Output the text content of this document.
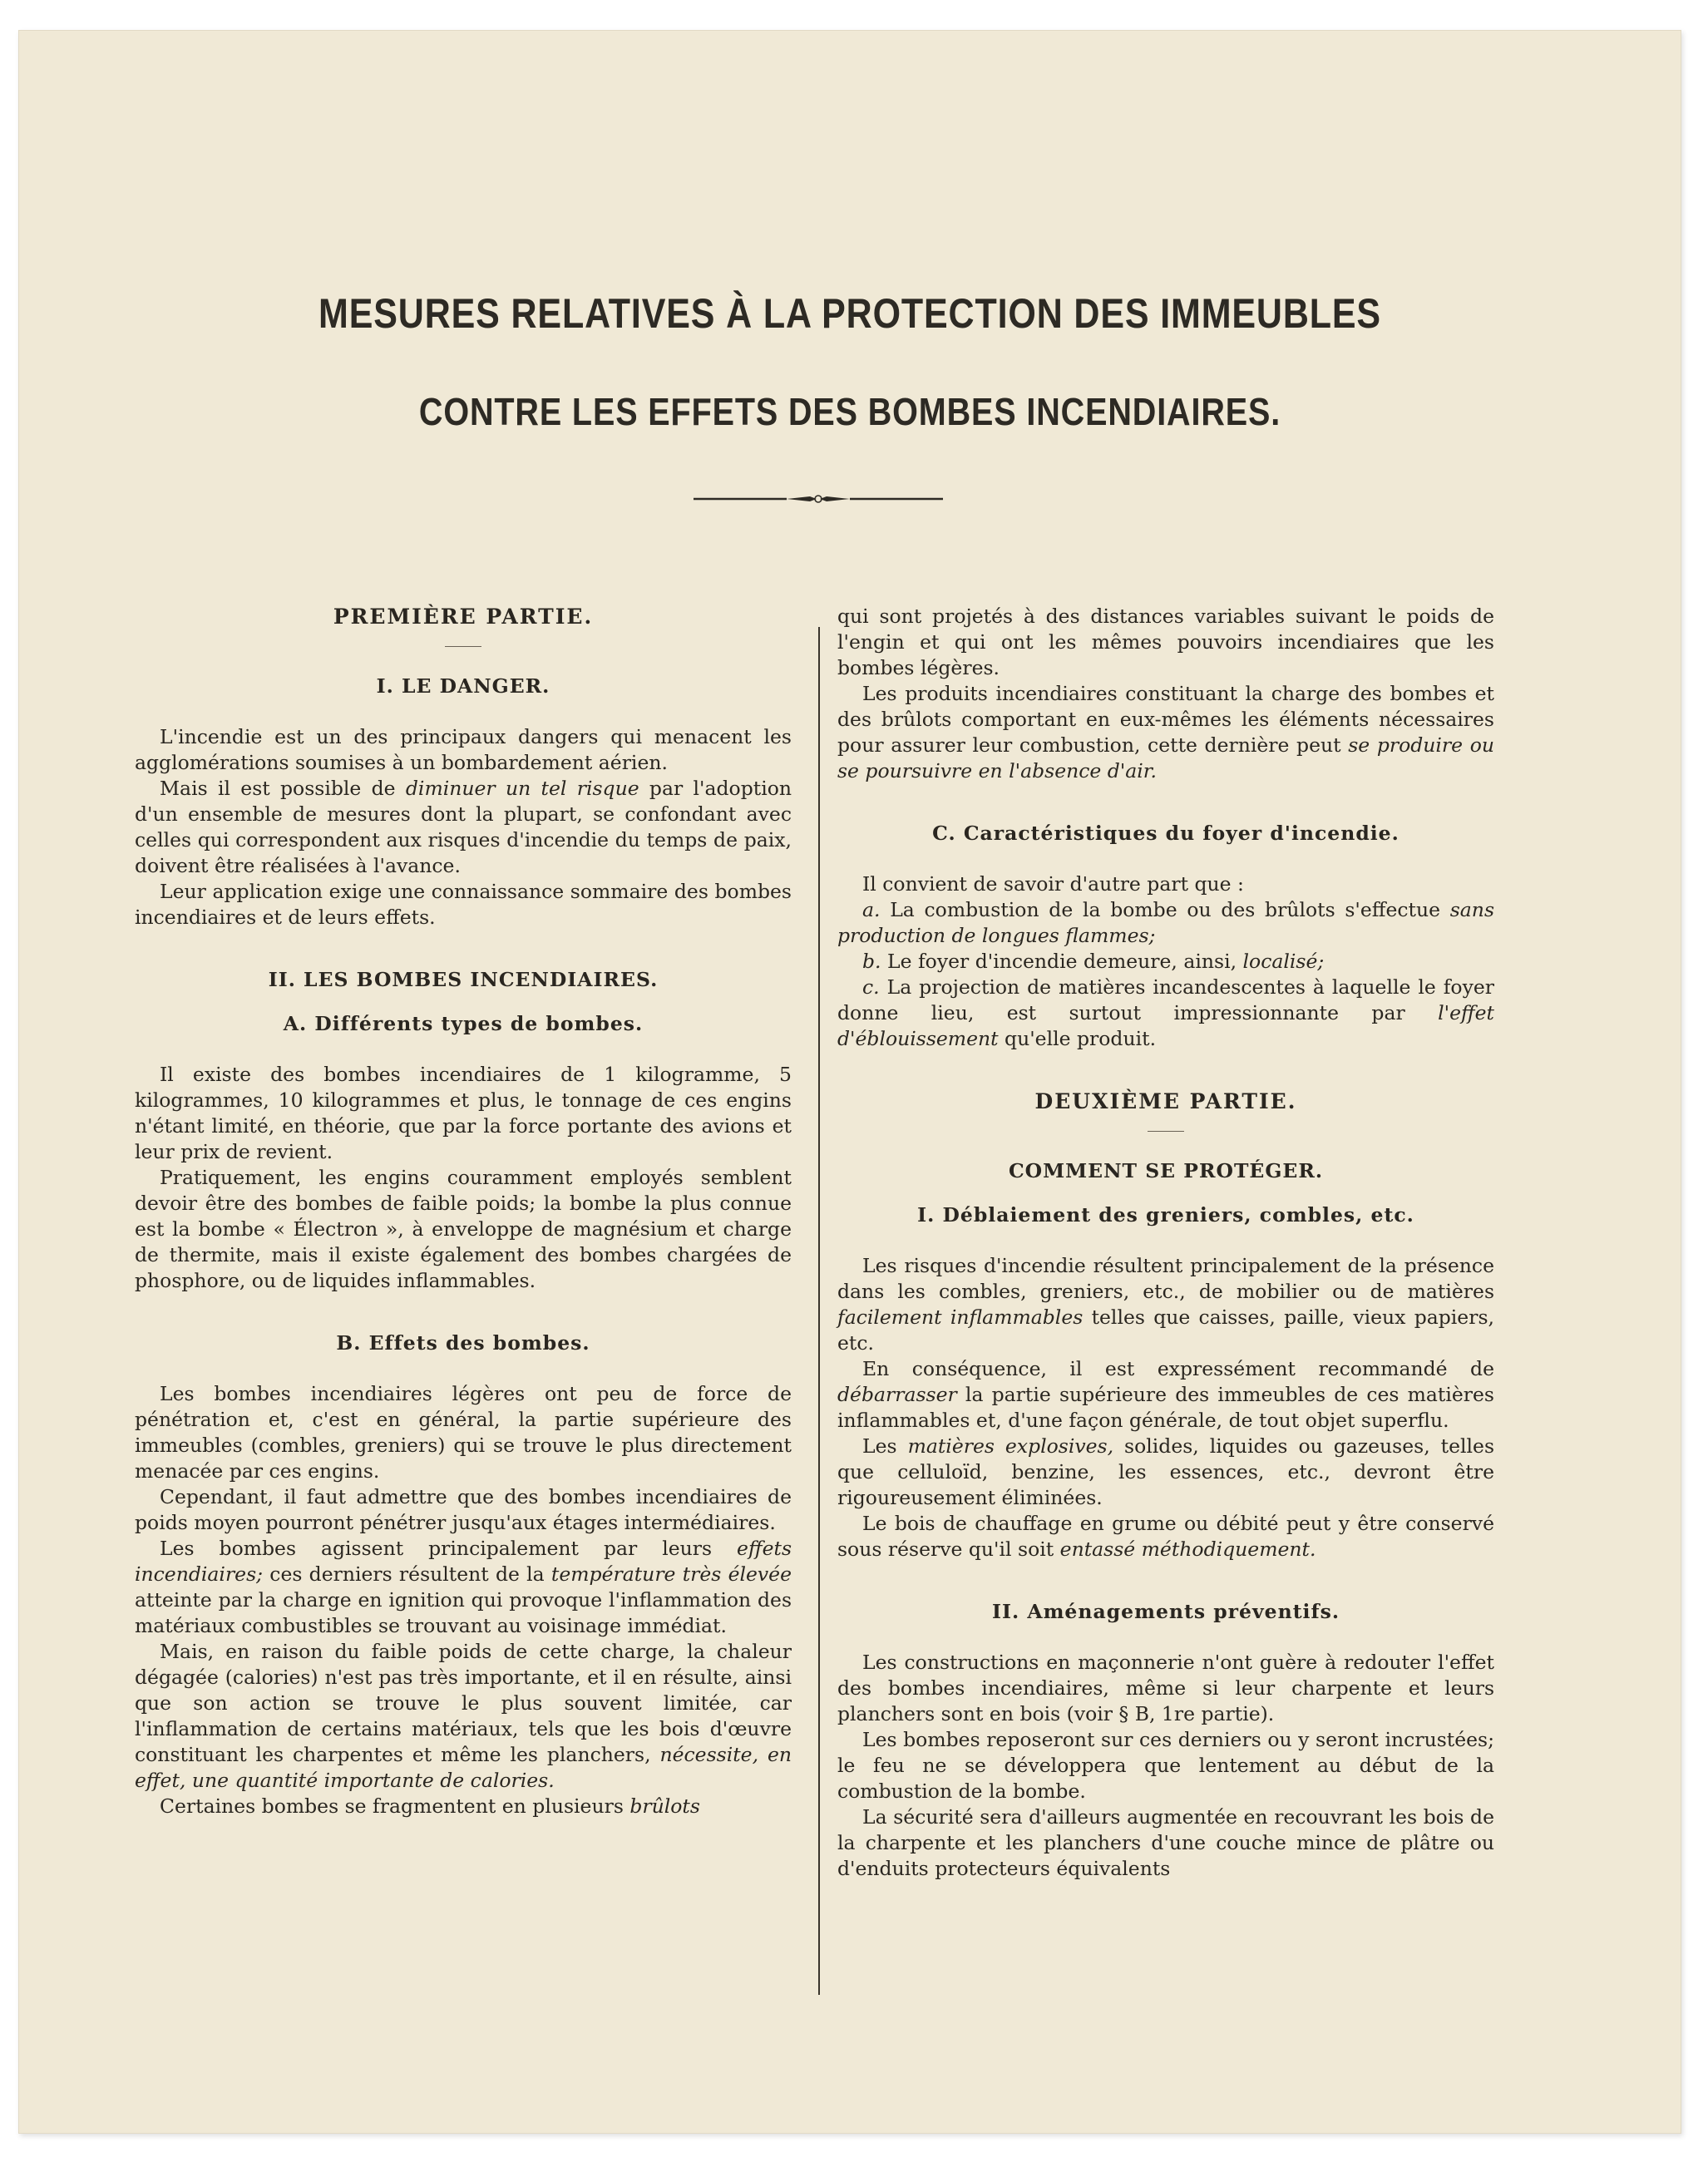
MESURES RELATIVES À LA PROTECTION DES IMMEUBLES
CONTRE LES EFFETS DES BOMBES INCENDIAIRES.

PREMIÈRE PARTIE.

I. LE DANGER.

L'incendie est un des principaux dangers qui menacent les agglomérations soumises à un bombardement aérien.

Mais il est possible de diminuer un tel risque par l'adoption d'un ensemble de mesures dont la plupart, se confondant avec celles qui correspondent aux risques d'incendie du temps de paix, doivent être réalisées à l'avance.

Leur application exige une connaissance sommaire des bombes incendiaires et de leurs effets.

II. LES BOMBES INCENDIAIRES.

A. Différents types de bombes.

Il existe des bombes incendiaires de 1 kilogramme, 5 kilogrammes, 10 kilogrammes et plus, le tonnage de ces engins n'étant limité, en théorie, que par la force portante des avions et leur prix de revient.

Pratiquement, les engins couramment employés semblent devoir être des bombes de faible poids; la bombe la plus connue est la bombe « Électron », à enveloppe de magnésium et charge de thermite, mais il existe également des bombes chargées de phosphore, ou de liquides inflammables.

B. Effets des bombes.

Les bombes incendiaires légères ont peu de force de pénétration et, c'est en général, la partie supérieure des immeubles (combles, greniers) qui se trouve le plus directement menacée par ces engins.

Cependant, il faut admettre que des bombes incendiaires de poids moyen pourront pénétrer jusqu'aux étages intermédiaires.

Les bombes agissent principalement par leurs effets incendiaires; ces derniers résultent de la température très élevée atteinte par la charge en ignition qui provoque l'inflammation des matériaux combustibles se trouvant au voisinage immédiat.

Mais, en raison du faible poids de cette charge, la chaleur dégagée (calories) n'est pas très importante, et il en résulte, ainsi que son action se trouve le plus souvent limitée, car l'inflammation de certains matériaux, tels que les bois d'œuvre constituant les charpentes et même les planchers, nécessite, en effet, une quantité importante de calories.

Certaines bombes se fragmentent en plusieurs brûlots

qui sont projetés à des distances variables suivant le poids de l'engin et qui ont les mêmes pouvoirs incendiaires que les bombes légères.

Les produits incendiaires constituant la charge des bombes et des brûlots comportant en eux-mêmes les éléments nécessaires pour assurer leur combustion, cette dernière peut se produire ou se poursuivre en l'absence d'air.

C. Caractéristiques du foyer d'incendie.

Il convient de savoir d'autre part que :

a. La combustion de la bombe ou des brûlots s'effectue sans production de longues flammes;

b. Le foyer d'incendie demeure, ainsi, localisé;

c. La projection de matières incandescentes à laquelle le foyer donne lieu, est surtout impressionnante par l'effet d'éblouissement qu'elle produit.

DEUXIÈME PARTIE.

COMMENT SE PROTÉGER.

I. Déblaiement des greniers, combles, etc.

Les risques d'incendie résultent principalement de la présence dans les combles, greniers, etc., de mobilier ou de matières facilement inflammables telles que caisses, paille, vieux papiers, etc.

En conséquence, il est expressément recommandé de débarrasser la partie supérieure des immeubles de ces matières inflammables et, d'une façon générale, de tout objet superflu.

Les matières explosives, solides, liquides ou gazeuses, telles que celluloïd, benzine, les essences, etc., devront être rigoureusement éliminées.

Le bois de chauffage en grume ou débité peut y être conservé sous réserve qu'il soit entassé méthodiquement.

II. Aménagements préventifs.

Les constructions en maçonnerie n'ont guère à redouter l'effet des bombes incendiaires, même si leur charpente et leurs planchers sont en bois (voir § B, 1re partie).

Les bombes reposeront sur ces derniers ou y seront incrustées; le feu ne se développera que lentement au début de la combustion de la bombe.

La sécurité sera d'ailleurs augmentée en recouvrant les bois de la charpente et les planchers d'une couche mince de plâtre ou d'enduits protecteurs équivalents
